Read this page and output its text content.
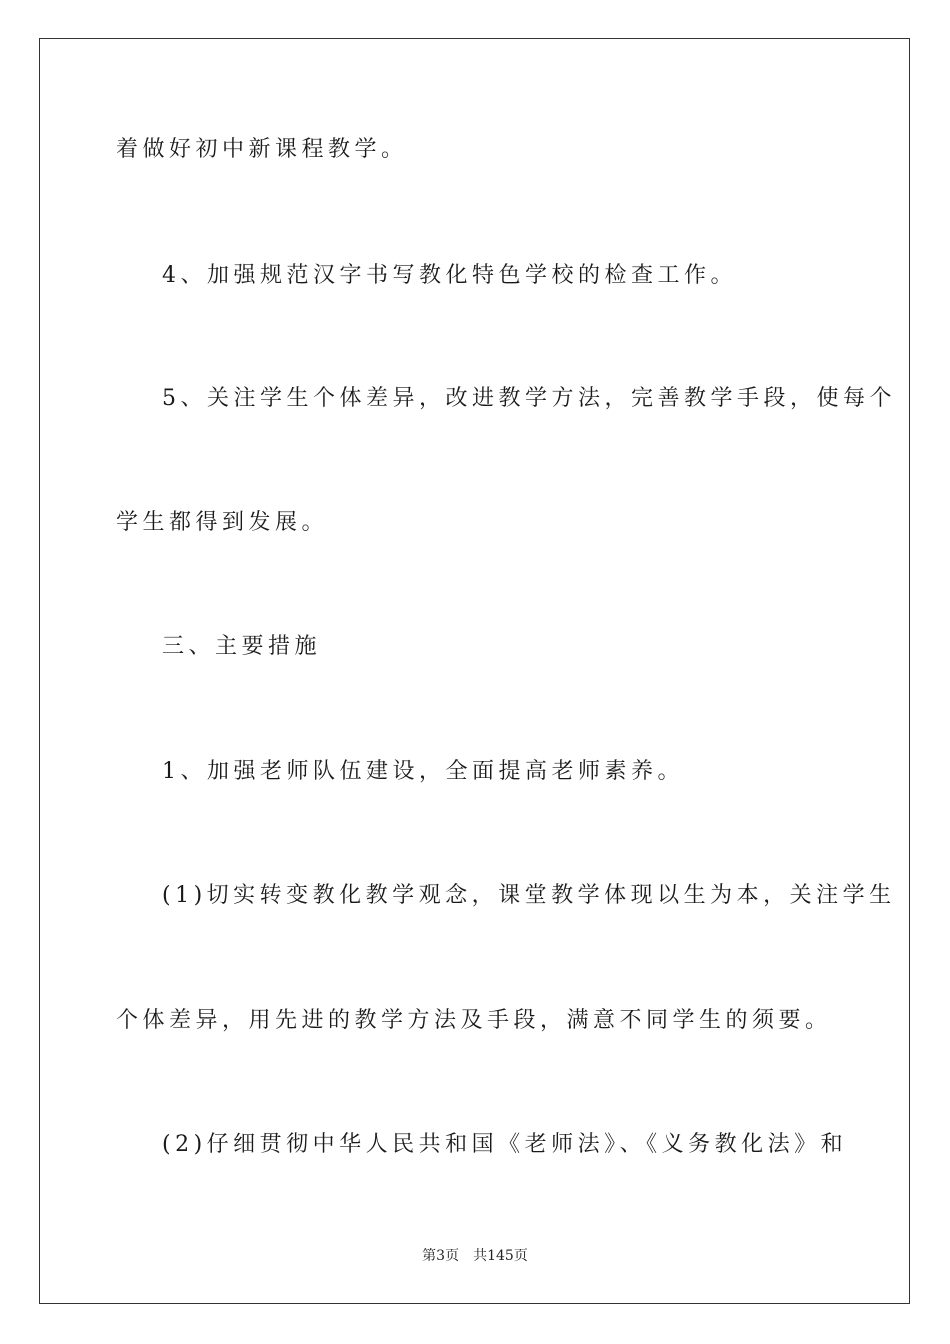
着做好初中新课程教学。
4、加强规范汉字书写教化特色学校的检查工作。
5、关注学生个体差异，改进教学方法，完善教学手段，使每个
学生都得到发展。
三、主要措施
1、加强老师队伍建设，全面提高老师素养。
(1)切实转变教化教学观念，课堂教学体现以生为本，关注学生
个体差异，用先进的教学方法及手段，满意不同学生的须要。
(2)仔细贯彻中华人民共和国《老师法》、《义务教化法》和
第3页 共145页
